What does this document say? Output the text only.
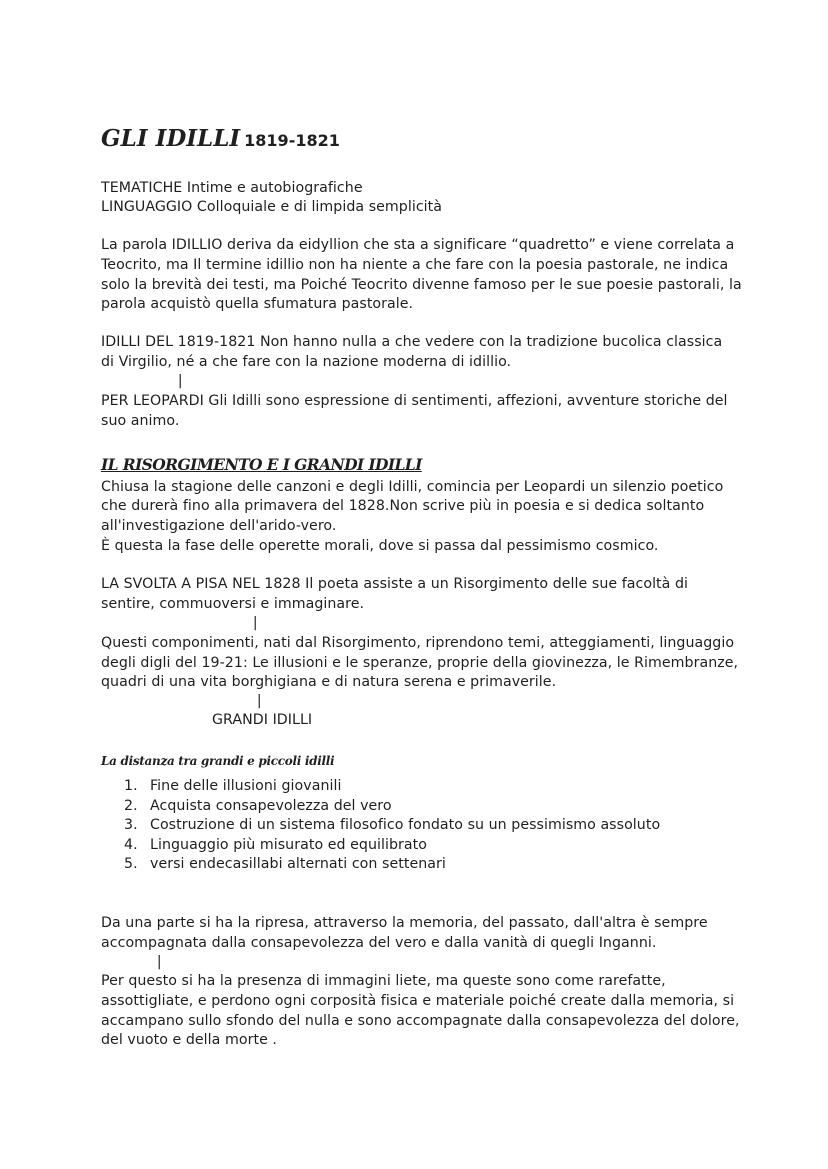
GLI IDILLI 1819-1821
TEMATICHE Intime e autobiografiche
LINGUAGGIO Colloquiale e di limpida semplicità
La parola IDILLIO deriva da eidyllion che sta a significare “quadretto” e viene correlata a
Teocrito, ma Il termine idillio non ha niente a che fare con la poesia pastorale, ne indica
solo la brevità dei testi, ma Poiché Teocrito divenne famoso per le sue poesie pastorali, la
parola acquistò quella sfumatura pastorale.
IDILLI DEL 1819-1821 Non hanno nulla a che vedere con la tradizione bucolica classica
di Virgilio, né a che fare con la nazione moderna di idillio.
|
PER LEOPARDI Gli Idilli sono espressione di sentimenti, affezioni, avventure storiche del
suo animo.
IL RISORGIMENTO E I GRANDI IDILLI
Chiusa la stagione delle canzoni e degli Idilli, comincia per Leopardi un silenzio poetico
che durerà fino alla primavera del 1828.Non scrive più in poesia e si dedica soltanto
all'investigazione dell'arido-vero.
È questa la fase delle operette morali, dove si passa dal pessimismo cosmico.
LA SVOLTA A PISA NEL 1828 Il poeta assiste a un Risorgimento delle sue facoltà di
sentire, commuoversi e immaginare.
|
Questi componimenti, nati dal Risorgimento, riprendono temi, atteggiamenti, linguaggio
degli digli del 19-21: Le illusioni e le speranze, proprie della giovinezza, le Rimembranze,
quadri di una vita borghigiana e di natura serena e primaverile.
|
GRANDI IDILLI
La distanza tra grandi e piccoli idilli
1. Fine delle illusioni giovanili
2. Acquista consapevolezza del vero
3. Costruzione di un sistema filosofico fondato su un pessimismo assoluto
4. Linguaggio più misurato ed equilibrato
5. versi endecasillabi alternati con settenari
Da una parte si ha la ripresa, attraverso la memoria, del passato, dall'altra è sempre
accompagnata dalla consapevolezza del vero e dalla vanità di quegli Inganni.
|
Per questo si ha la presenza di immagini liete, ma queste sono come rarefatte,
assottigliate, e perdono ogni corposità fisica e materiale poiché create dalla memoria, si
accampano sullo sfondo del nulla e sono accompagnate dalla consapevolezza del dolore,
del vuoto e della morte .
